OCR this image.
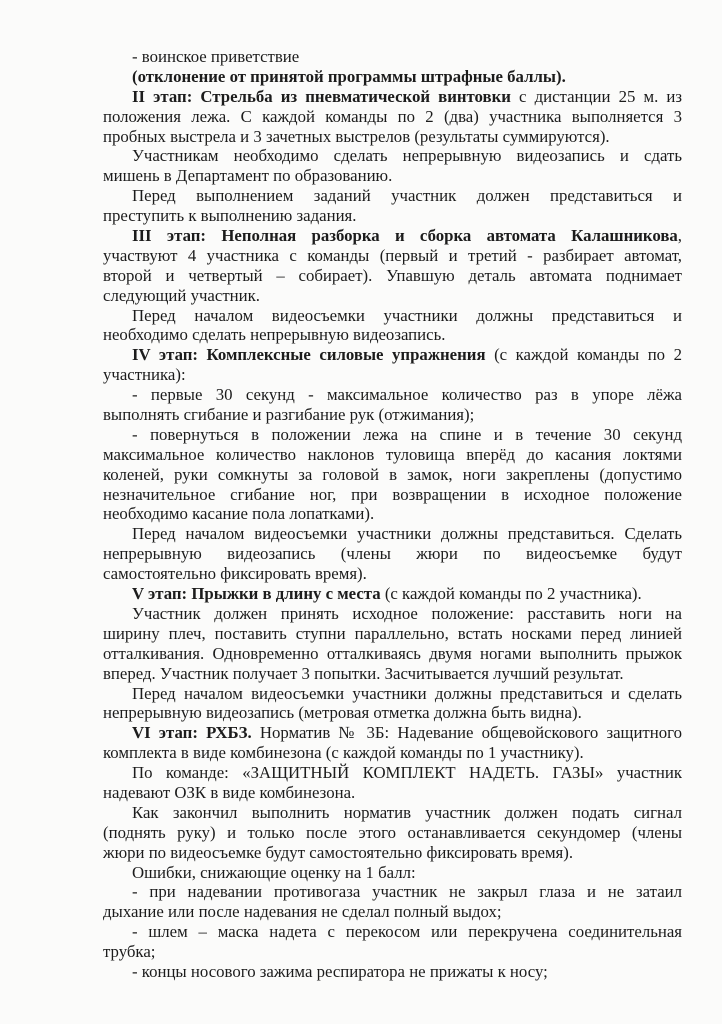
- воинское приветствие
(отклонение от принятой программы штрафные баллы).
II этап: Стрельба из пневматической винтовки с дистанции 25 м. из
положения лежа. С каждой команды по 2 (два) участника выполняется 3
пробных выстрела и 3 зачетных выстрелов (результаты суммируются).
Участникам необходимо сделать непрерывную видеозапись и сдать
мишень в Департамент по образованию.
Перед выполнением заданий участник должен представиться и
преступить к выполнению задания.
III этап: Неполная разборка и сборка автомата Калашникова,
участвуют 4 участника с команды (первый и третий - разбирает автомат,
второй и четвертый – собирает). Упавшую деталь автомата поднимает
следующий участник.
Перед началом видеосъемки участники должны представиться и
необходимо сделать непрерывную видеозапись.
IV этап: Комплексные силовые упражнения (с каждой команды по 2
участника):
- первые 30 секунд - максимальное количество раз в упоре лёжа
выполнять сгибание и разгибание рук (отжимания);
- повернуться в положении лежа на спине и в течение 30 секунд
максимальное количество наклонов туловища вперёд до касания локтями
коленей, руки сомкнуты за головой в замок, ноги закреплены (допустимо
незначительное сгибание ног, при возвращении в исходное положение
необходимо касание пола лопатками).
Перед началом видеосъемки участники должны представиться. Сделать
непрерывную видеозапись (члены жюри по видеосъемке будут
самостоятельно фиксировать время).
V этап: Прыжки в длину с места (с каждой команды по 2 участника).
Участник должен принять исходное положение: расставить ноги на
ширину плеч, поставить ступни параллельно, встать носками перед линией
отталкивания. Одновременно отталкиваясь двумя ногами выполнить прыжок
вперед. Участник получает 3 попытки. Засчитывается лучший результат.
Перед началом видеосъемки участники должны представиться и сделать
непрерывную видеозапись (метровая отметка должна быть видна).
VI этап: РХБЗ. Норматив № 3Б: Надевание общевойскового защитного
комплекта в виде комбинезона (с каждой команды по 1 участнику).
По команде: «ЗАЩИТНЫЙ КОМПЛЕКТ НАДЕТЬ. ГАЗЫ» участник
надевают ОЗК в виде комбинезона.
Как закончил выполнить норматив участник должен подать сигнал
(поднять руку) и только после этого останавливается секундомер (члены
жюри по видеосъемке будут самостоятельно фиксировать время).
Ошибки, снижающие оценку на 1 балл:
- при надевании противогаза участник не закрыл глаза и не затаил
дыхание или после надевания не сделал полный выдох;
- шлем – маска надета с перекосом или перекручена соединительная
трубка;
- концы носового зажима респиратора не прижаты к носу;
